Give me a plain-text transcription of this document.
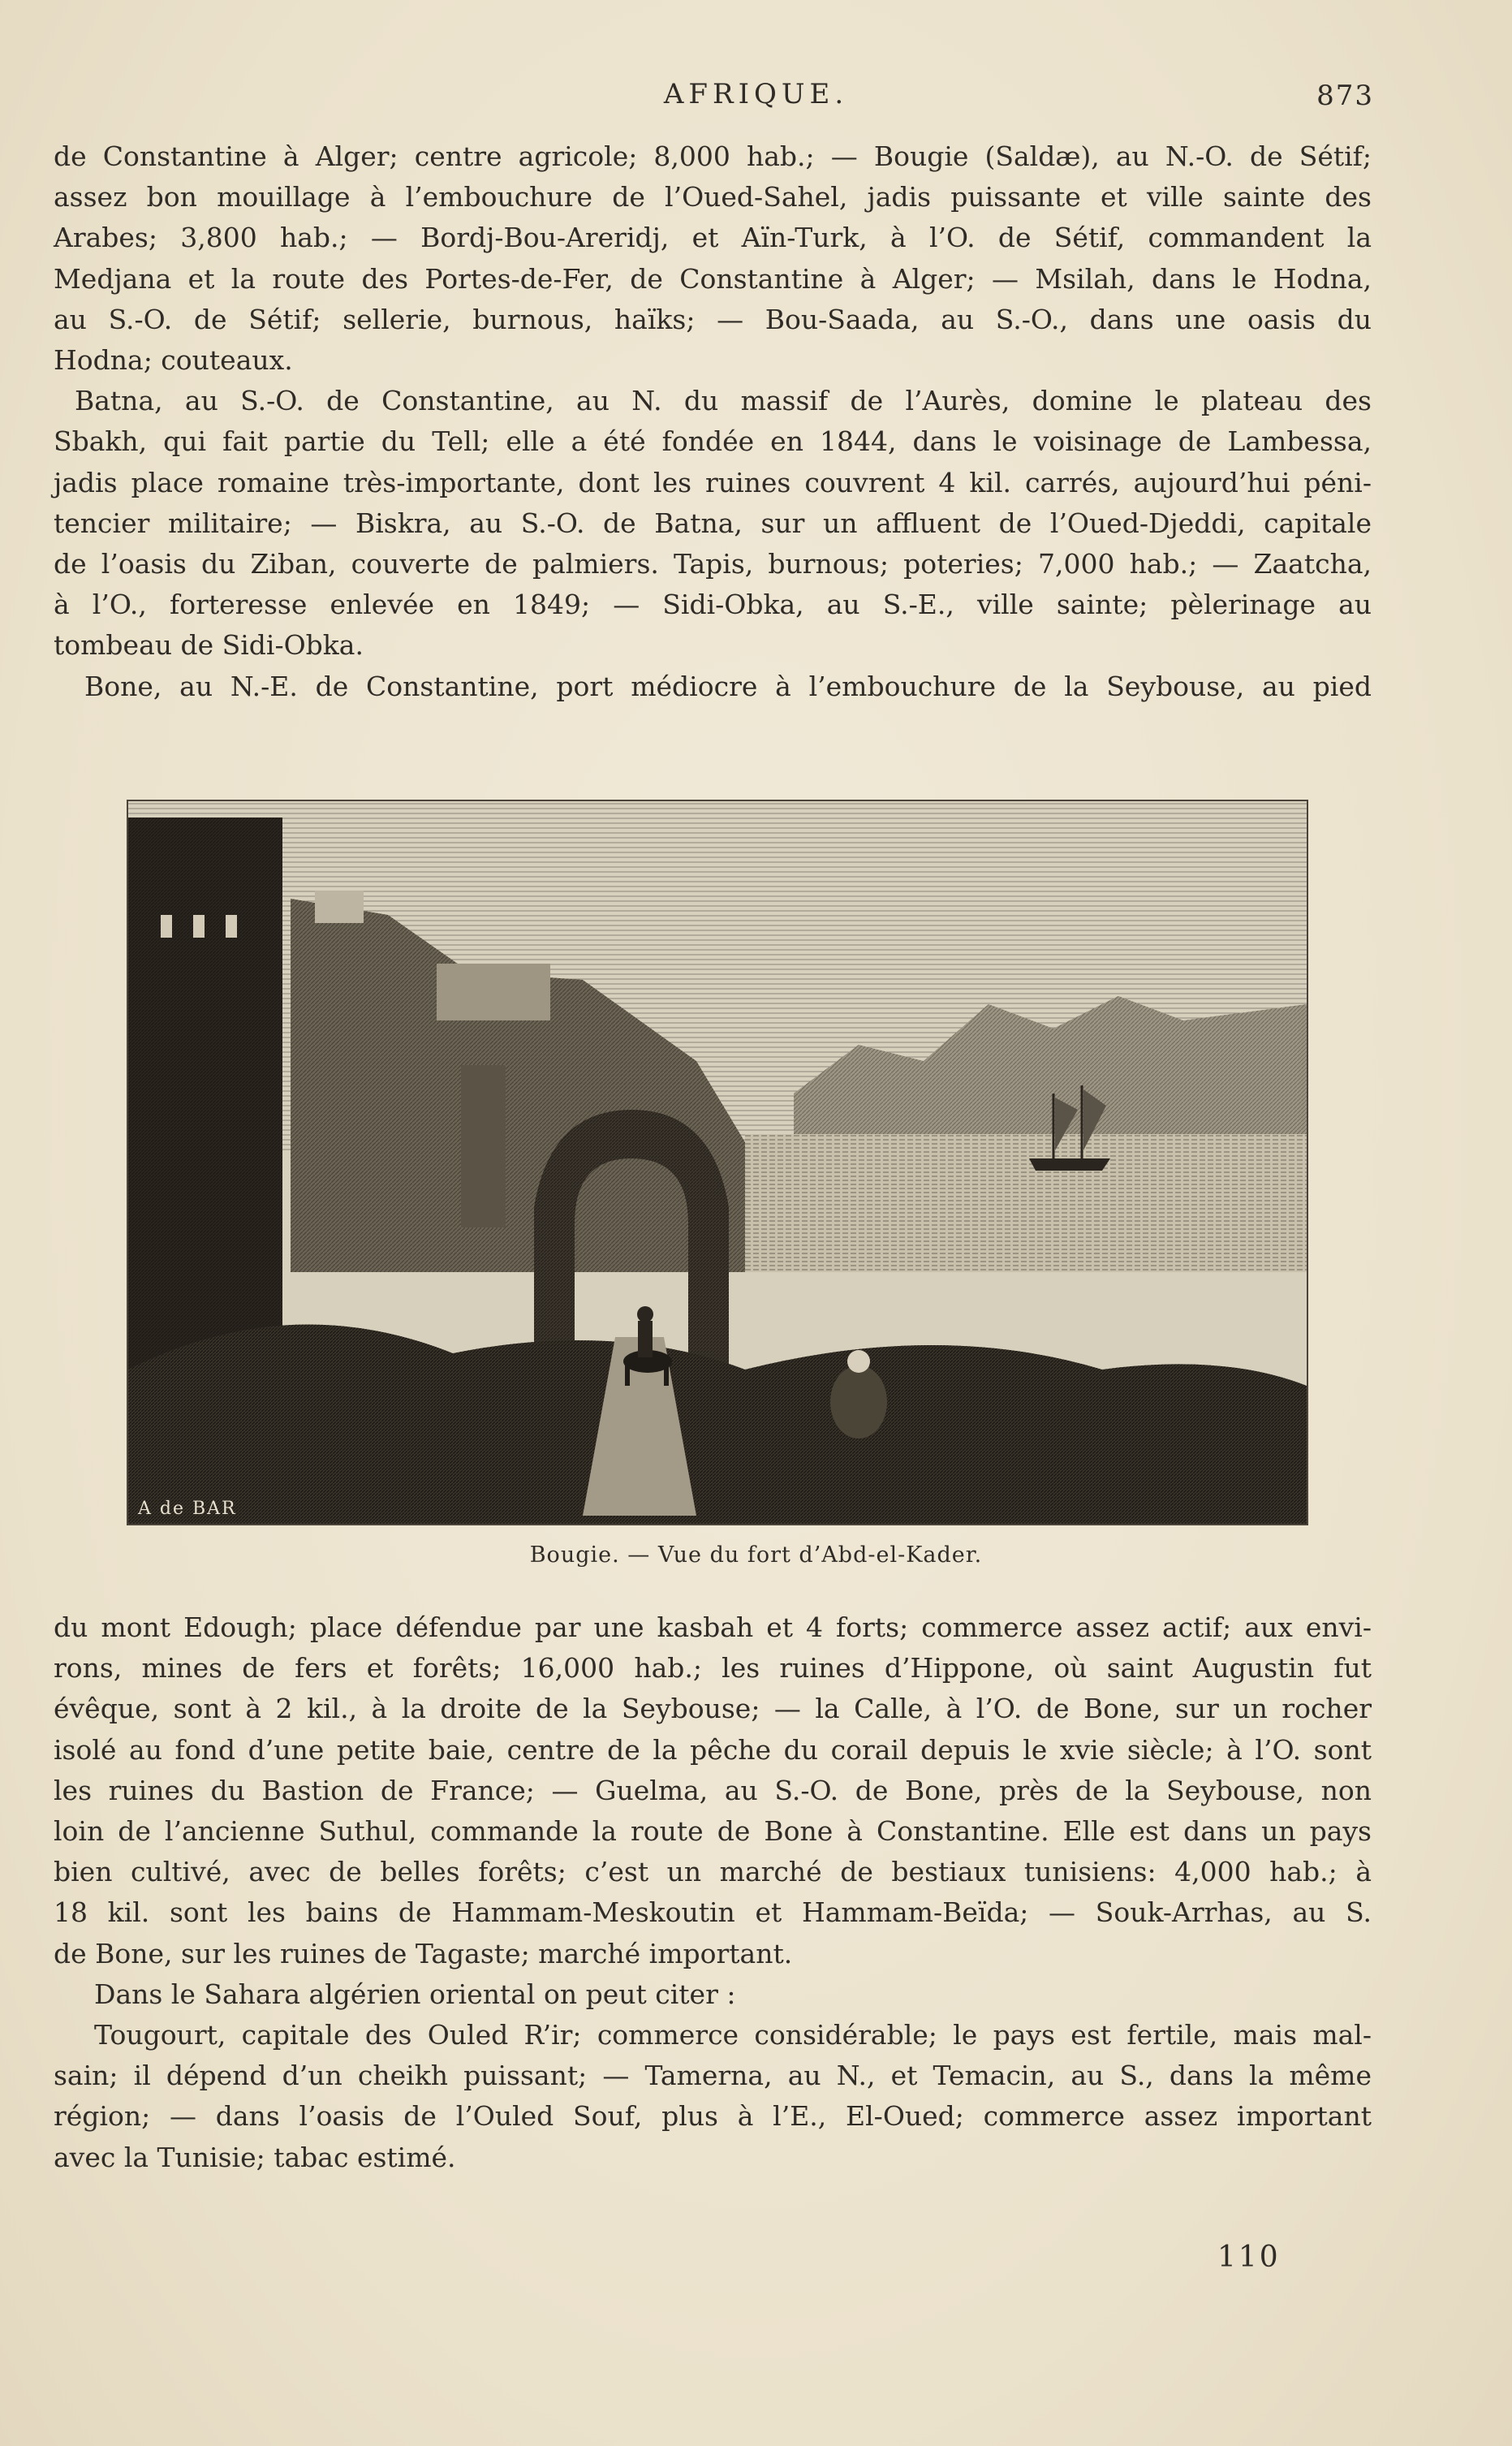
AFRIQUE.	873

de Constantine à Alger; centre agricole; 8,000 hab.; — Bougie (Saldæ), au N.-O. de Sétif;

assez bon mouillage à l’embouchure de l’Oued-Sahel, jadis puissante et ville sainte des

Arabes; 3,800 hab.; — Bordj-Bou-Areridj, et Aïn-Turk, à l’O. de Sétif, commandent la

Medjana et la route des Portes-de-Fer, de Constantine à Alger; — Msilah, dans le Hodna,

au S.-O. de Sétif; sellerie, burnous, haïks; — Bou-Saada, au S.-O., dans une oasis du

Hodna; couteaux.

Batna, au S.-O. de Constantine, au N. du massif de l’Aurès, domine le plateau des

Sbakh, qui fait partie du Tell; elle a été fondée en 1844, dans le voisinage de Lambessa,

jadis place romaine très-importante, dont les ruines couvrent 4 kil. carrés, aujourd’hui péni-

tencier militaire; — Biskra, au S.-O. de Batna, sur un affluent de l’Oued-Djeddi, capitale

de l’oasis du Ziban, couverte de palmiers. Tapis, burnous; poteries; 7,000 hab.; — Zaatcha,

à l’O., forteresse enlevée en 1849; — Sidi-Obka, au S.-E., ville sainte; pèlerinage au

tombeau de Sidi-Obka.

Bone, au N.-E. de Constantine, port médiocre à l’embouchure de la Seybouse, au pied

A de BAR
Bougie. — Vue du fort d’Abd-el-Kader.

du mont Edough; place défendue par une kasbah et 4 forts; commerce assez actif; aux envi-

rons, mines de fers et forêts; 16,000 hab.; les ruines d’Hippone, où saint Augustin fut

évêque, sont à 2 kil., à la droite de la Seybouse; — la Calle, à l’O. de Bone, sur un rocher

isolé au fond d’une petite baie, centre de la pêche du corail depuis le xvie siècle; à l’O. sont

les ruines du Bastion de France; — Guelma, au S.-O. de Bone, près de la Seybouse, non

loin de l’ancienne Suthul, commande la route de Bone à Constantine. Elle est dans un pays

bien cultivé, avec de belles forêts; c’est un marché de bestiaux tunisiens: 4,000 hab.; à

18 kil. sont les bains de Hammam-Meskoutin et Hammam-Beïda; — Souk-Arrhas, au S.

de Bone, sur les ruines de Tagaste; marché important.

Dans le Sahara algérien oriental on peut citer :

Tougourt, capitale des Ouled R’ir; commerce considérable; le pays est fertile, mais mal-

sain; il dépend d’un cheikh puissant; — Tamerna, au N., et Temacin, au S., dans la même

région; — dans l’oasis de l’Ouled Souf, plus à l’E., El-Oued; commerce assez important

avec la Tunisie; tabac estimé.

110
